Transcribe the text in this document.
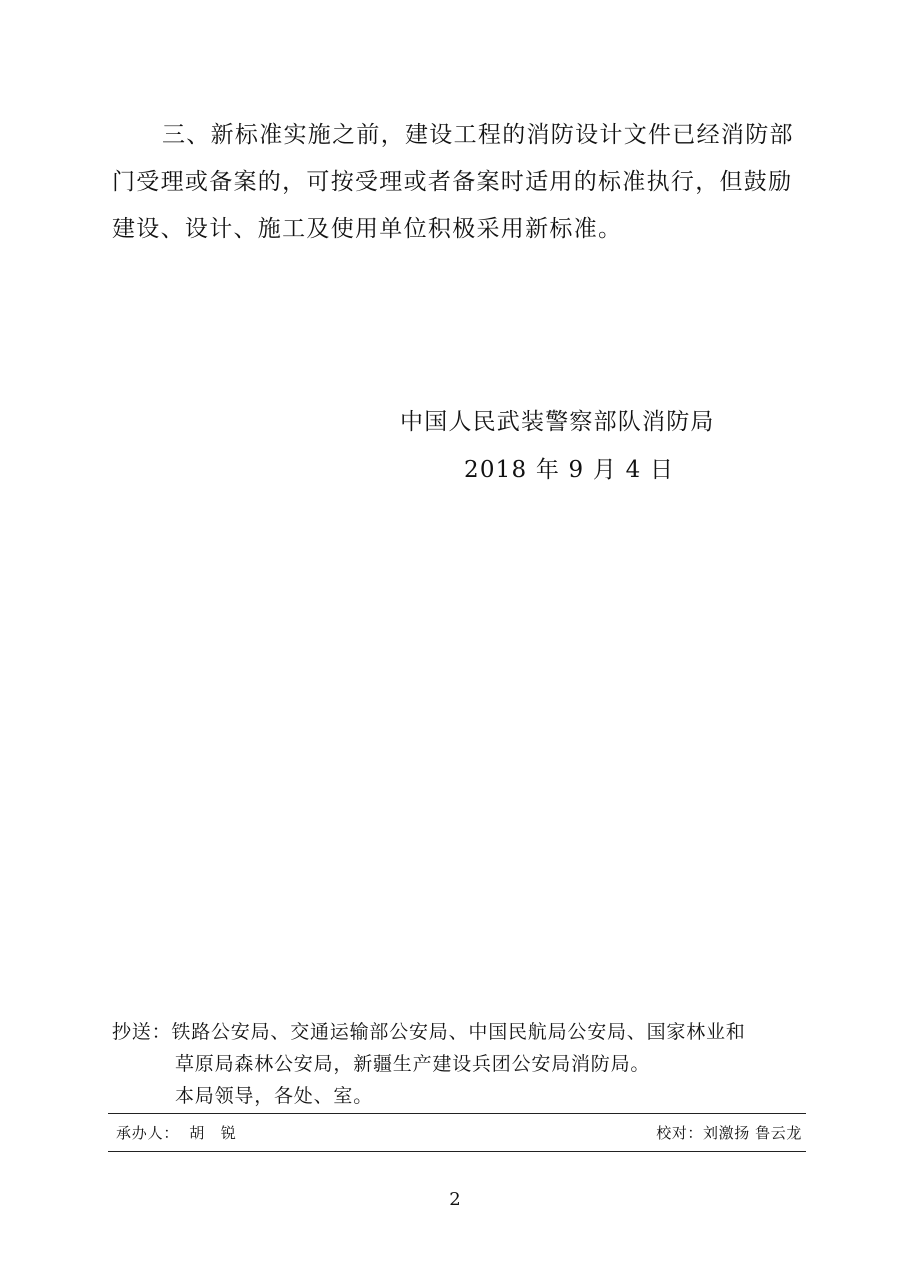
三、新标准实施之前，建设工程的消防设计文件已经消防部
门受理或备案的，可按受理或者备案时适用的标准执行，但鼓励
建设、设计、施工及使用单位积极采用新标准。
中国人民武装警察部队消防局
2018 年 9 月 4 日
抄送：铁路公安局、交通运输部公安局、中国民航局公安局、国家林业和
草原局森林公安局，新疆生产建设兵团公安局消防局。
本局领导，各处、室。
承办人： 胡　锐	校对：刘激扬 鲁云龙
2
